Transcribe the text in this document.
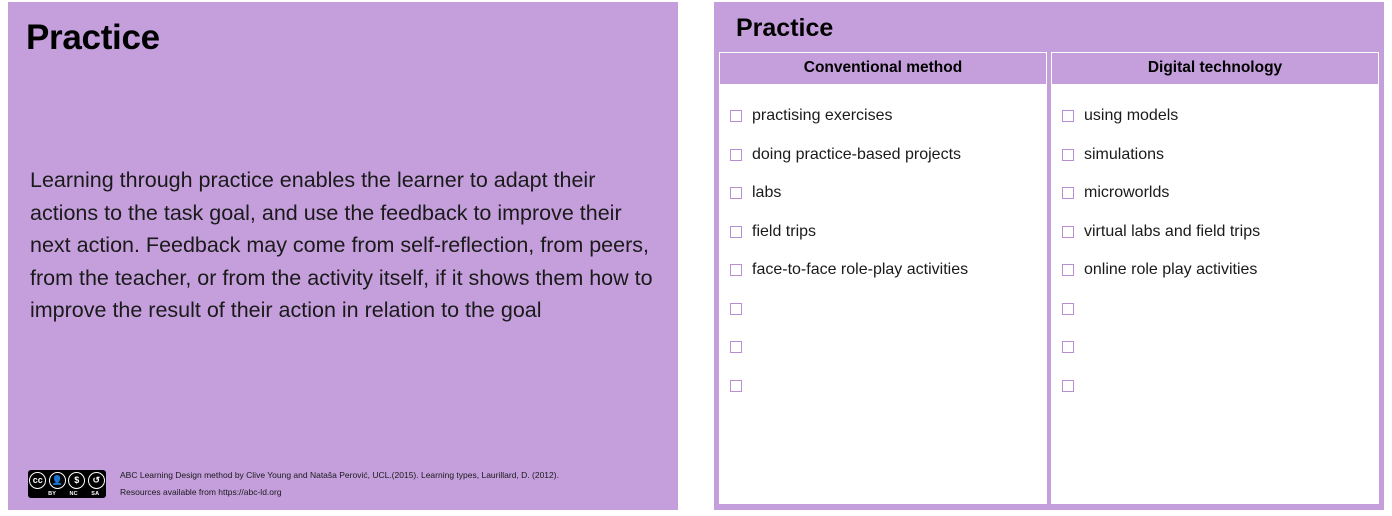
Practice
Learning through practice enables the learner to adapt their actions to the task goal, and use the feedback to improve their next action. Feedback may come from self-reflection, from peers, from the teacher, or from the activity itself, if it shows them how to improve the result of their action in relation to the goal
cc 👤	$	↺
BY NC SA
ABC Learning Design method by Clive Young and Nataša Perović, UCL.(2015). Learning types, Laurillard, D. (2012).
Resources available from https://abc-ld.org
Practice
Conventional method
practising exercises
doing practice-based projects
labs
field trips
face-to-face role-play activities
Digital technology
using models
simulations
microworlds
virtual labs and field trips
online role play activities
